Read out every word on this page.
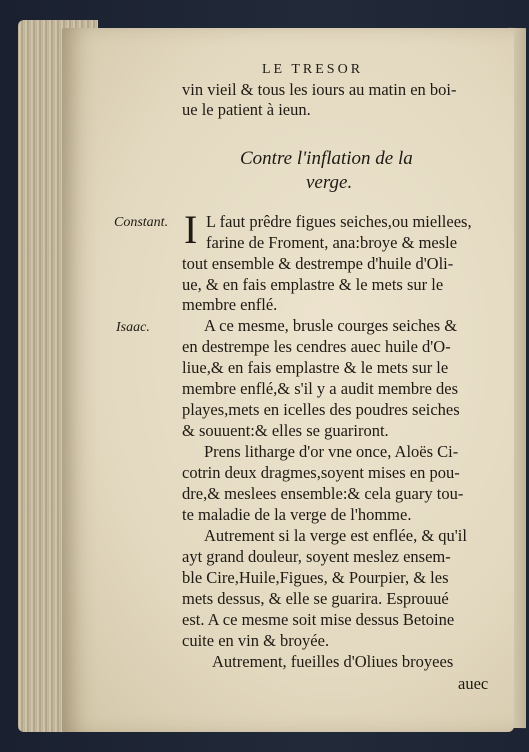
LE TRESOR
vin vieil & tous les iours au matin en boi-
ue le patient à ieun.
Contre l'inflation de la
verge.
Constant.
Isaac.
I L faut prêdre figues seiches,ou miellees,
farine de Froment, ana:broye & mesle
tout ensemble & destrempe d'huile d'Oli-
ue, & en fais emplastre & le mets sur le
membre enflé.
A ce mesme, brusle courges seiches &
en destrempe les cendres auec huile d'O-
liue,& en fais emplastre & le mets sur le
membre enflé,& s'il y a audit membre des
playes,mets en icelles des poudres seiches
& souuent:& elles se guariront.
Prens litharge d'or vne once, Aloës Ci-
cotrin deux dragmes,soyent mises en pou-
dre,& meslees ensemble:& cela guary tou-
te maladie de la verge de l'homme.
Autrement si la verge est enflée, & qu'il
ayt grand douleur, soyent meslez ensem-
ble Cire,Huile,Figues, & Pourpier, & les
mets dessus, & elle se guarira. Esprouué
est. A ce mesme soit mise dessus Betoine
cuite en vin & broyée.
Autrement, fueilles d'Oliues broyees
auec
